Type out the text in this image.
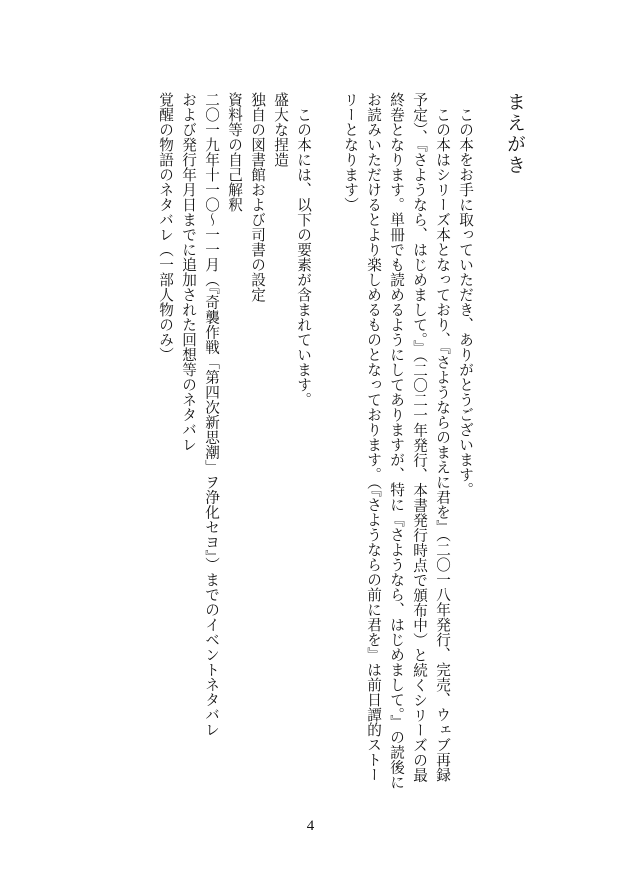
まえがき

この本をお手に取っていただき、ありがとうございます。

この本はシリーズ本となっており、『さようならのまえに君を』（二〇一八年発行、完売、ウェブ再録予定）、『さようなら、はじめまして。』（二〇二一年発行、本書発行時点で頒布中）と続くシリーズの最終巻となります。単冊でも読めるようにしてありますが、特に『さようなら、はじめまして。』の読後にお読みいただけるとより楽しめるものとなっております。（『さようならの前に君を』は前日譚的ストーリーとなります）

この本には、以下の要素が含まれています。

盛大な捏造

独自の図書館および司書の設定

資料等の自己解釈

二〇一九年十一〇〜一一月（『奇襲作戦「第四次新思潮」ヲ浄化セヨ』）までのイベントネタバレ

および発行年月日までに追加された回想等のネタバレ

覚醒の物語のネタバレ（一部人物のみ）

4
